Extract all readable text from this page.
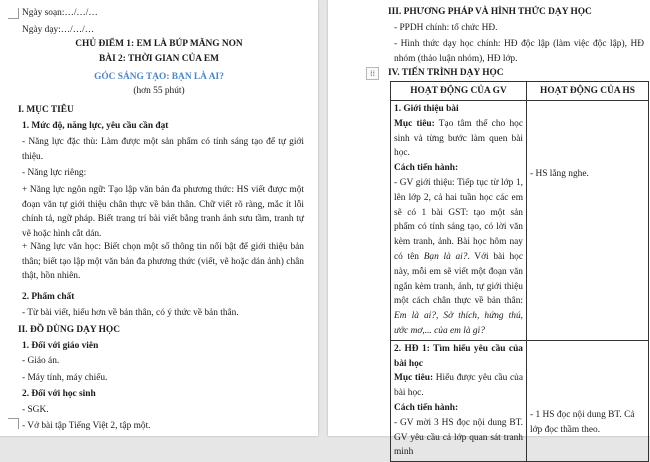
Ngày soạn:…/…/…
Ngày dạy:…/…/…
CHỦ ĐIỂM 1: EM LÀ BÚP MĂNG NON
BÀI 2: THỜI GIAN CỦA EM
GÓC SÁNG TẠO: BẠN LÀ AI?
(hơn 55 phút)
I. MỤC TIÊU
1. Mức độ, năng lực, yêu cầu cần đạt
- Năng lực đặc thù: Làm được một sản phẩm có tính sáng tạo để tự giới thiệu.
- Năng lực riêng:
+ Năng lực ngôn ngữ: Tạo lập văn bản đa phương thức: HS viết được một đoạn văn tự giới thiệu chân thực về bản thân. Chữ viết rõ ràng, mắc ít lỗi chính tả, ngữ pháp. Biết trang trí bài viết bằng tranh ảnh sưu tầm, tranh tự vẽ hoặc hình cắt dán.
+ Năng lực văn học: Biết chọn một số thông tin nổi bật để giới thiệu bản thân; biết tạo lập một văn bản đa phương thức (viết, vẽ hoặc dán ảnh) chân thật, hồn nhiên.
2. Phẩm chất
- Từ bài viết, hiểu hơn về bản thân, có ý thức về bản thân.
II. ĐỒ DÙNG DẠY HỌC
1. Đối với giáo viên
- Giáo án.
- Máy tính, máy chiếu.
2. Đối với học sinh
- SGK.
- Vở bài tập Tiếng Việt 2, tập một.
III. PHƯƠNG PHÁP VÀ HÌNH THỨC DẠY HỌC
- PPDH chính: tổ chức HĐ.
- Hình thức dạy học chính: HĐ độc lập (làm việc độc lập), HĐ nhóm (thảo luận nhóm), HĐ lớp.
⁞⁞	IV. TIẾN TRÌNH DẠY HỌC
HOẠT ĐỘNG CỦA GV	HOẠT ĐỘNG CỦA HS

1. Giới thiệu bài
Mục tiêu: Tạo tâm thế cho học sinh và từng bước làm quen bài học.
Cách tiến hành:
- GV giới thiệu: Tiếp tục từ lớp 1, lên lớp 2, cả hai tuần học các em sẽ có 1 bài GST: tạo một sản phẩm có tính sáng tạo, có lời văn kèm tranh, ảnh. Bài học hôm nay có tên Bạn là ai?. Với bài học này, mỗi em sẽ viết một đoạn văn ngắn kèm tranh, ảnh, tự giới thiệu một cách chân thực về bản thân: Em là ai?, Sở thích, hứng thú, ước mơ,... của em là gì?	- HS lắng nghe.

2. HĐ 1: Tìm hiểu yêu cầu của bài học
Mục tiêu: Hiểu được yêu cầu của bài học.
Cách tiến hành:
- GV mời 3 HS đọc nội dung BT. GV yêu cầu cả lớp quan sát tranh minh	- 1 HS đọc nội dung BT. Cả lớp đọc thầm theo.
